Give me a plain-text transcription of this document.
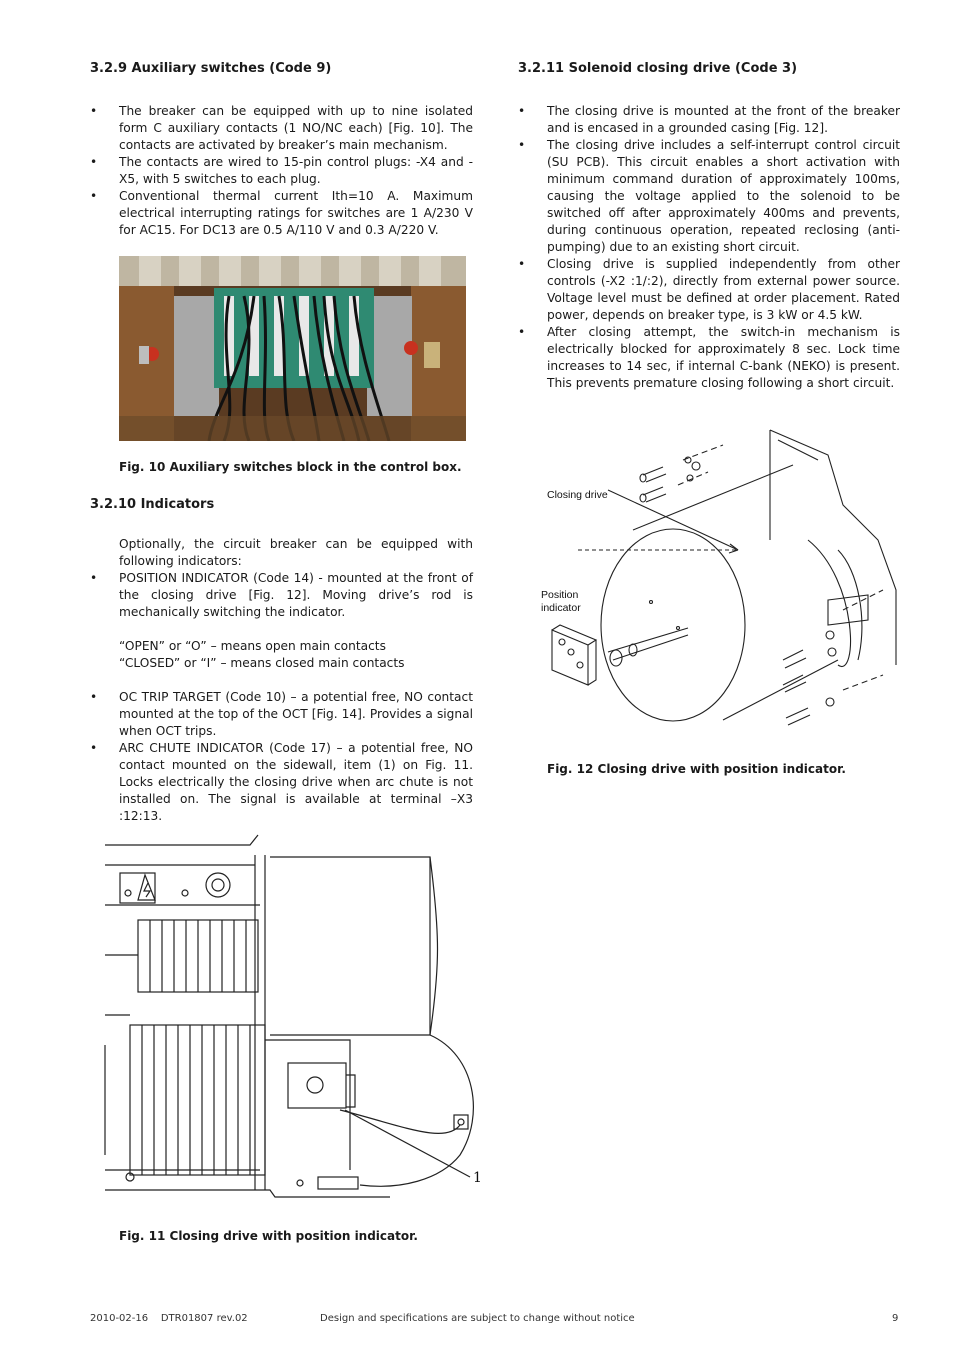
3.2.9 Auxiliary switches (Code 9)
• The breaker can be equipped with up to nine isolated form C auxiliary contacts (1 NO/NC each) [Fig. 10]. The contacts are activated by breaker’s main mechanism.
• The contacts are wired to 15-pin control plugs: -X4 and -X5, with 5 switches to each plug.
• Conventional thermal current Ith=10 A. Maximum electrical interrupting ratings for switches are 1 A/230 V for AC15. For DC13 are 0.5 A/110 V and 0.3 A/220 V.
Fig. 10 Auxiliary switches block in the control box.
3.2.10 Indicators
Optionally, the circuit breaker can be equipped with following indicators:
• POSITION INDICATOR (Code 14) - mounted at the front of the closing drive [Fig. 12]. Moving drive’s rod is mechanically switching the indicator.
“OPEN” or “O” – means open main contacts
“CLOSED” or “I” – means closed main contacts
• OC TRIP TARGET (Code 10) – a potential free, NO contact mounted at the top of the OCT [Fig. 14]. Provides a signal when OCT trips.
• ARC CHUTE INDICATOR (Code 17) – a potential free, NO contact mounted on the sidewall, item (1) on Fig. 11. Locks electrically the closing drive when arc chute is not installed on. The signal is available at terminal –X3 :12:13.
1
Fig. 11 Closing drive with position indicator.
3.2.11 Solenoid closing drive (Code 3)
• The closing drive is mounted at the front of the breaker and is encased in a grounded casing [Fig. 12].
• The closing drive includes a self-interrupt control circuit (SU PCB). This circuit enables a short activation with minimum command duration of approximately 100ms, causing the voltage applied to the solenoid to be switched off after approximately 400ms and prevents, during continuous operation, repeated reclosing (anti-pumping) due to an existing short circuit.
• Closing drive is supplied independently from other controls (-X2 :1/:2), directly from external power source. Voltage level must be defined at order placement. Rated power, depends on breaker type, is 3 kW or 4.5 kW.
• After closing attempt, the switch-in mechanism is electrically blocked for approximately 8 sec. Lock time increases to 14 sec, if internal C-bank (NEKO) is present. This prevents premature closing following a short circuit.
Closing drive
Position
indicator
Fig. 12 Closing drive with position indicator.
2010-02-16    DTR01807 rev.02	Design and specifications are subject to change without notice	9
